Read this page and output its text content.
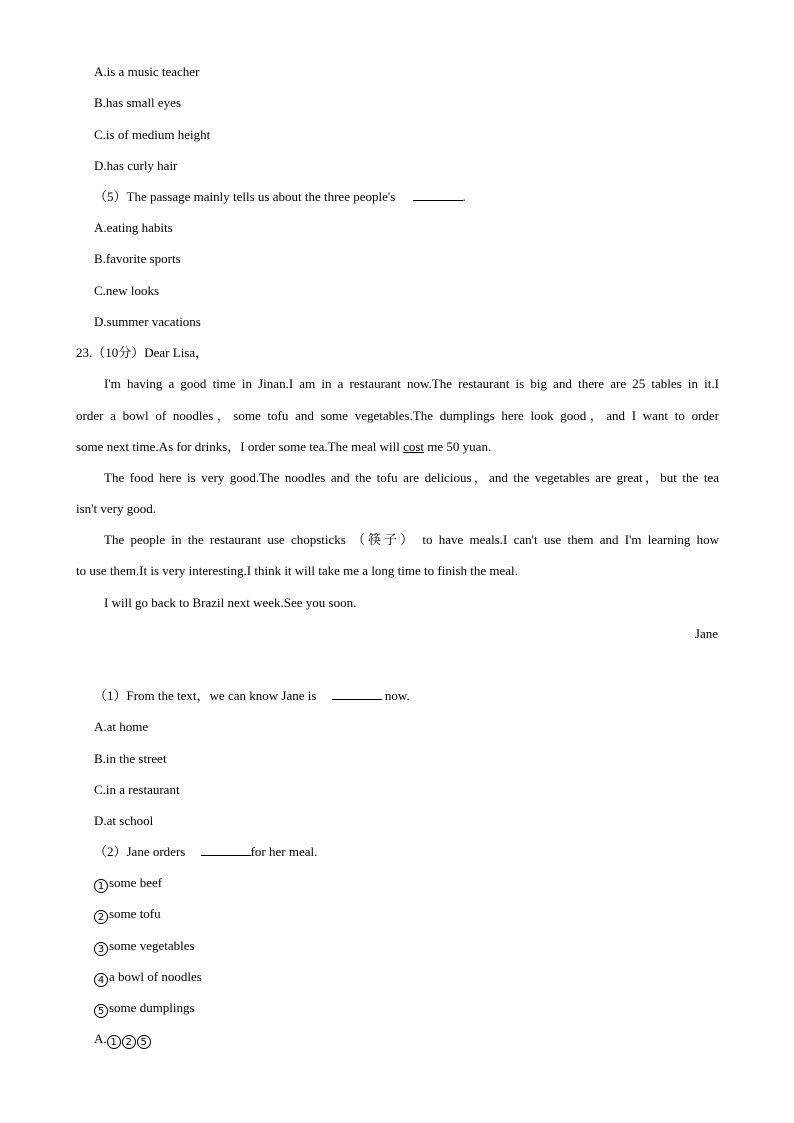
A.is a music teacher
B.has small eyes
C.is of medium height
D.has curly hair
（5）The passage mainly tells us about the three people's	.
A.eating habits
B.favorite sports
C.new looks
D.summer vacations
23.（10分）Dear Lisa，
I'm having a good time in Jinan.I am in a restaurant now.The restaurant is big and there are 25 tables in it.I
order a bowl of noodles，some tofu and some vegetables.The dumplings here look good，and I want to order
some next time.As for drinks，I order some tea.The meal will cost me 50 yuan.
The food here is very good.The noodles and the tofu are delicious，and the vegetables are great，but the tea
isn't very good.
The people in the restaurant use chopsticks （筷子） to have meals.I can't use them and I'm learning how
to use them.It is very interesting.I think it will take me a long time to finish the meal.
I will go back to Brazil next week.See you soon.
Jane
（1）From the text，we can know Jane is	now.
A.at home
B.in the street
C.in a restaurant
D.at school
（2）Jane orders	for her meal.
1 some beef
2 some tofu
3 some vegetables
4 a bowl of noodles
5 some dumplings
A. 1 2 5
